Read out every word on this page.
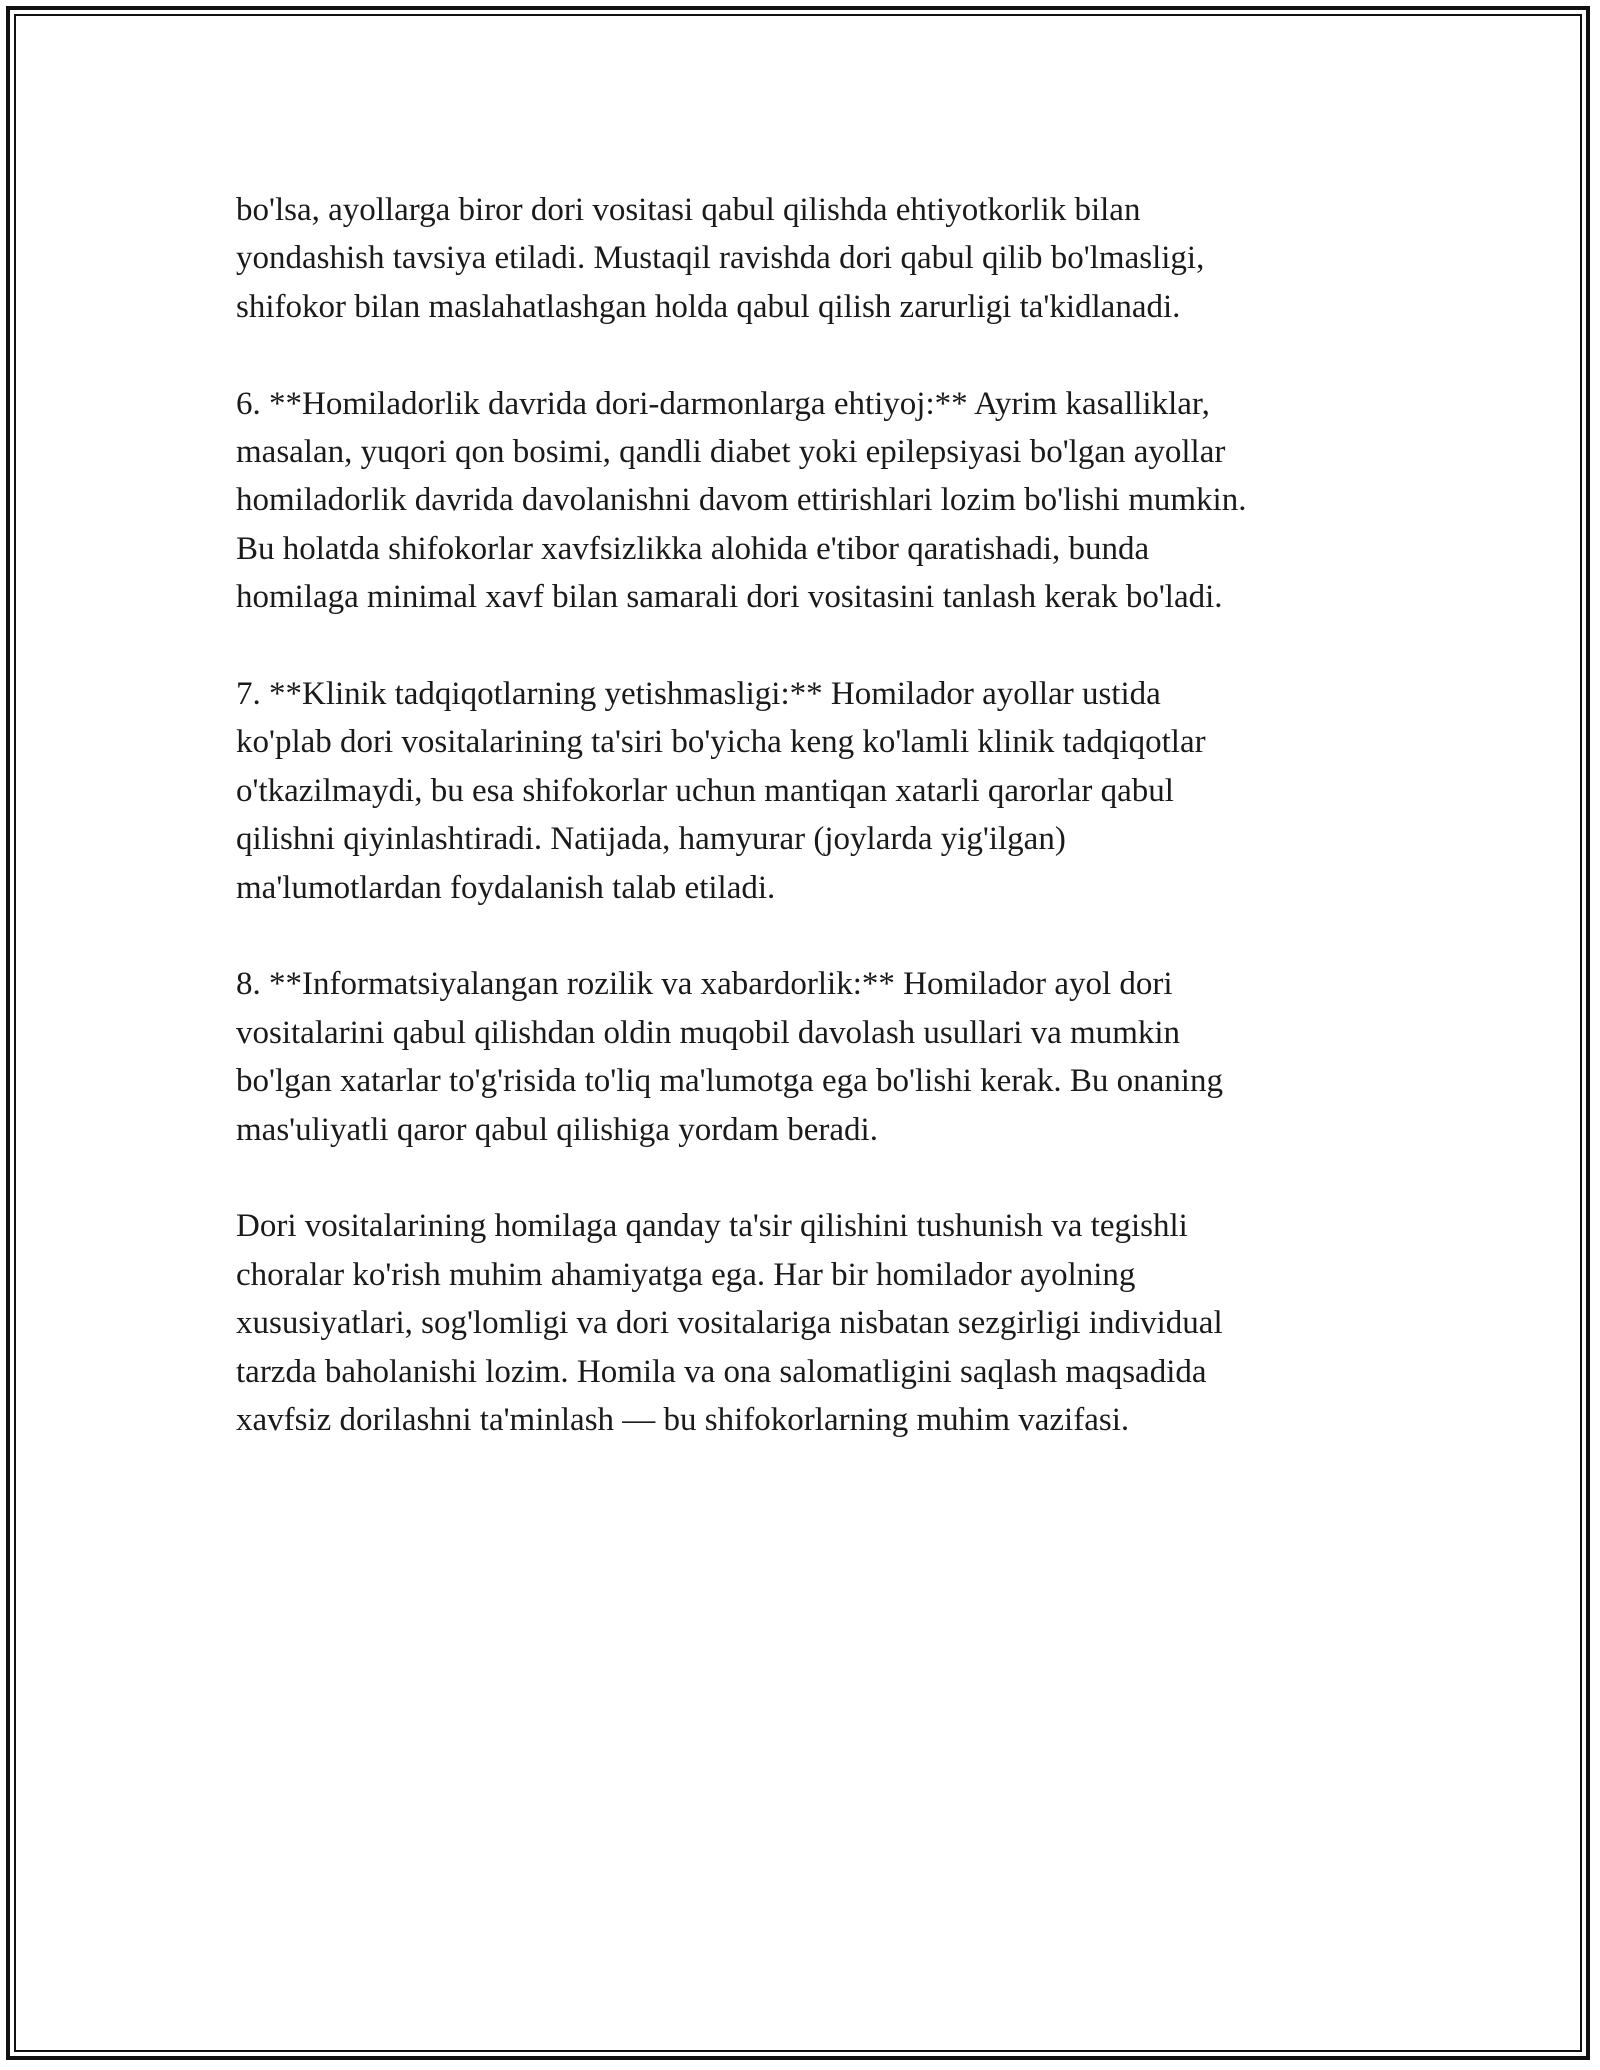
bo'lsa, ayollarga biror dori vositasi qabul qilishda ehtiyotkorlik bilan
yondashish tavsiya etiladi. Mustaqil ravishda dori qabul qilib bo'lmasligi,
shifokor bilan maslahatlashgan holda qabul qilish zarurligi ta'kidlanadi.

6. **Homiladorlik davrida dori-darmonlarga ehtiyoj:** Ayrim kasalliklar,
masalan, yuqori qon bosimi, qandli diabet yoki epilepsiyasi bo'lgan ayollar
homiladorlik davrida davolanishni davom ettirishlari lozim bo'lishi mumkin.
Bu holatda shifokorlar xavfsizlikka alohida e'tibor qaratishadi, bunda
homilaga minimal xavf bilan samarali dori vositasini tanlash kerak bo'ladi.

7. **Klinik tadqiqotlarning yetishmasligi:** Homilador ayollar ustida
ko'plab dori vositalarining ta'siri bo'yicha keng ko'lamli klinik tadqiqotlar
o'tkazilmaydi, bu esa shifokorlar uchun mantiqan xatarli qarorlar qabul
qilishni qiyinlashtiradi. Natijada, hamyurar (joylarda yig'ilgan)
ma'lumotlardan foydalanish talab etiladi.

8. **Informatsiyalangan rozilik va xabardorlik:** Homilador ayol dori
vositalarini qabul qilishdan oldin muqobil davolash usullari va mumkin
bo'lgan xatarlar to'g'risida to'liq ma'lumotga ega bo'lishi kerak. Bu onaning
mas'uliyatli qaror qabul qilishiga yordam beradi.

Dori vositalarining homilaga qanday ta'sir qilishini tushunish va tegishli
choralar ko'rish muhim ahamiyatga ega. Har bir homilador ayolning
xususiyatlari, sog'lomligi va dori vositalariga nisbatan sezgirligi individual
tarzda baholanishi lozim. Homila va ona salomatligini saqlash maqsadida
xavfsiz dorilashni ta'minlash — bu shifokorlarning muhim vazifasi.
